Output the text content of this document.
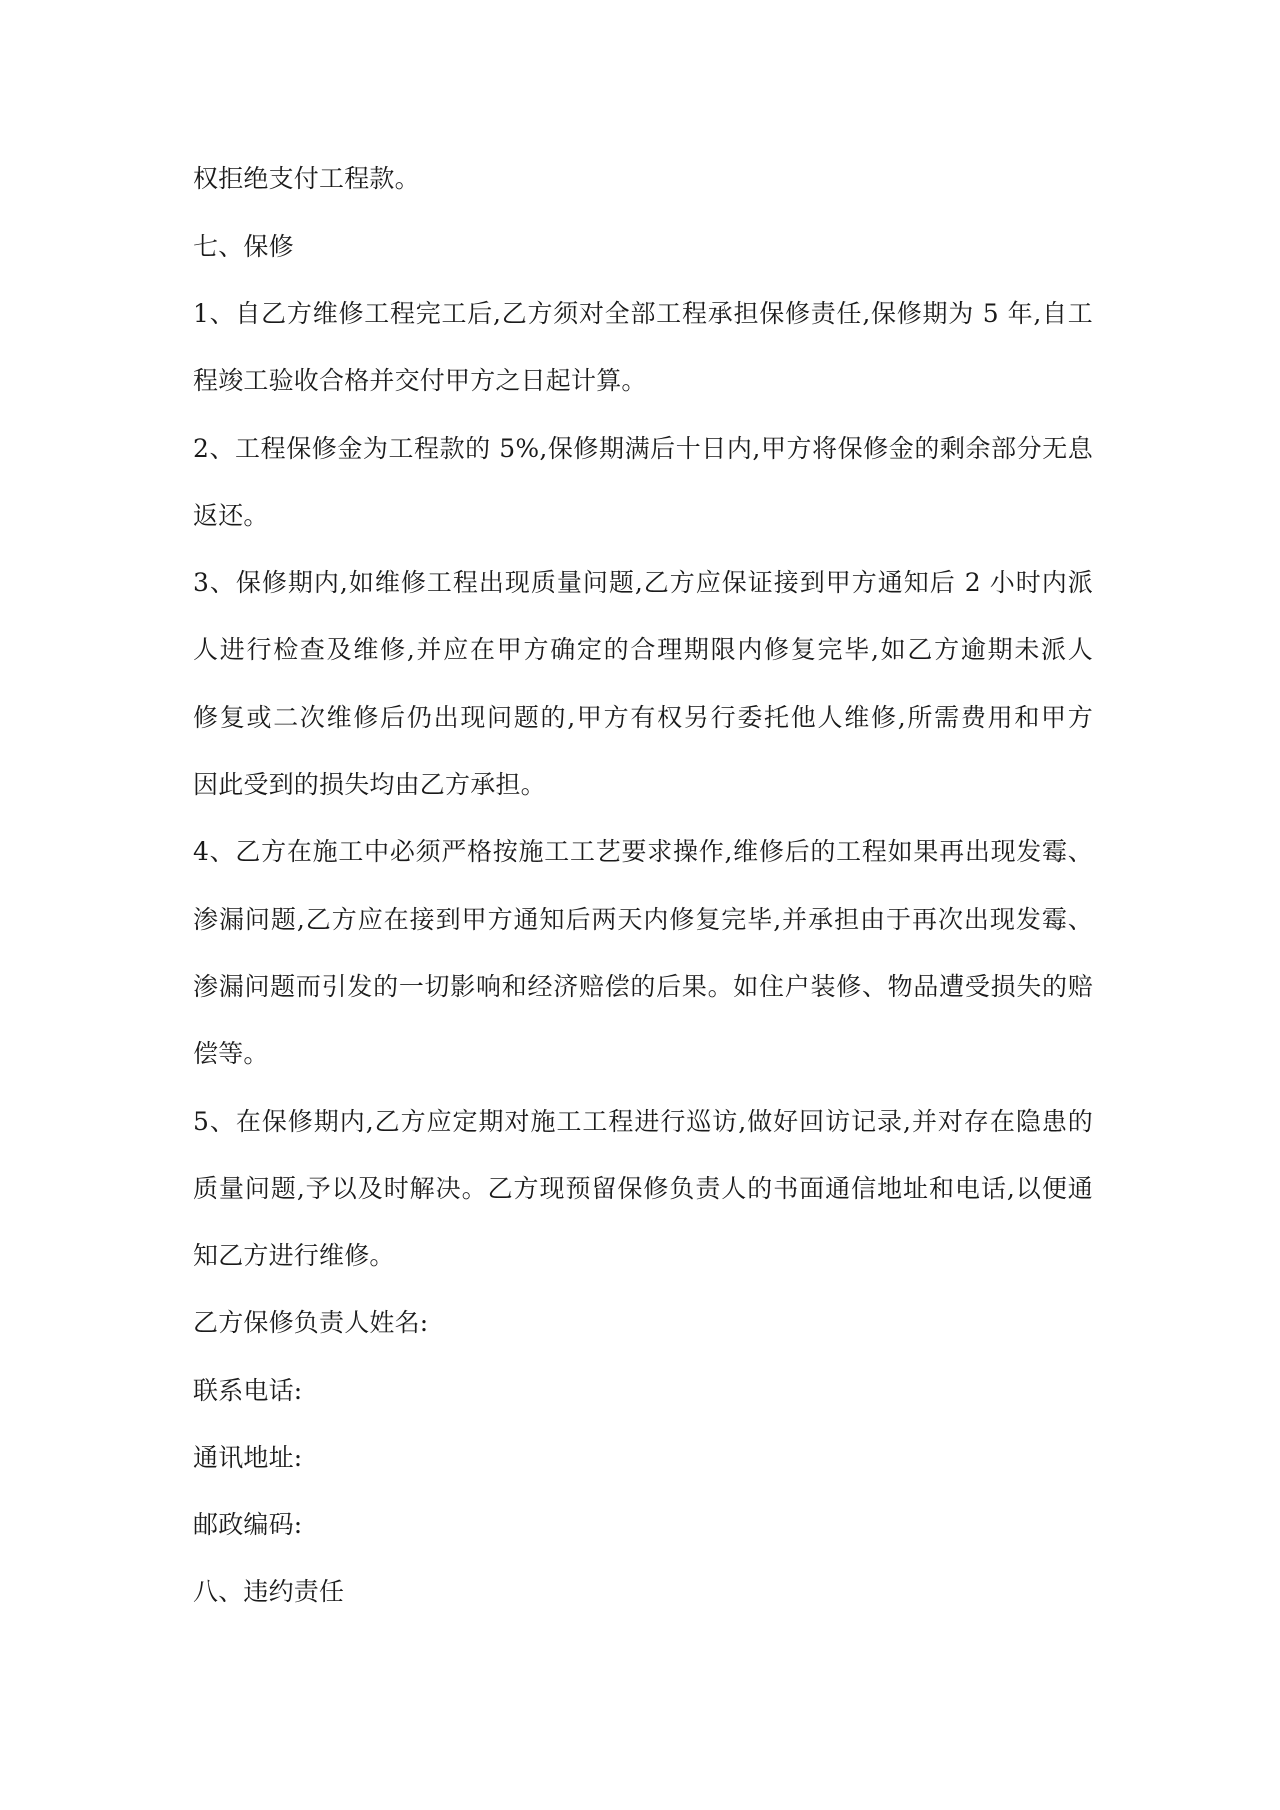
权拒绝支付工程款。
七、保修
1、自乙方维修工程完工后,乙方须对全部工程承担保修责任,保修期为 5 年,自工
程竣工验收合格并交付甲方之日起计算。
2、工程保修金为工程款的 5%,保修期满后十日内,甲方将保修金的剩余部分无息
返还。
3、保修期内,如维修工程出现质量问题,乙方应保证接到甲方通知后 2 小时内派
人进行检查及维修,并应在甲方确定的合理期限内修复完毕,如乙方逾期未派人
修复或二次维修后仍出现问题的,甲方有权另行委托他人维修,所需费用和甲方
因此受到的损失均由乙方承担。
4、乙方在施工中必须严格按施工工艺要求操作,维修后的工程如果再出现发霉、
渗漏问题,乙方应在接到甲方通知后两天内修复完毕,并承担由于再次出现发霉、
渗漏问题而引发的一切影响和经济赔偿的后果。如住户装修、物品遭受损失的赔
偿等。
5、在保修期内,乙方应定期对施工工程进行巡访,做好回访记录,并对存在隐患的
质量问题,予以及时解决。乙方现预留保修负责人的书面通信地址和电话,以便通
知乙方进行维修。
乙方保修负责人姓名:
联系电话:
通讯地址:
邮政编码:
八、违约责任
